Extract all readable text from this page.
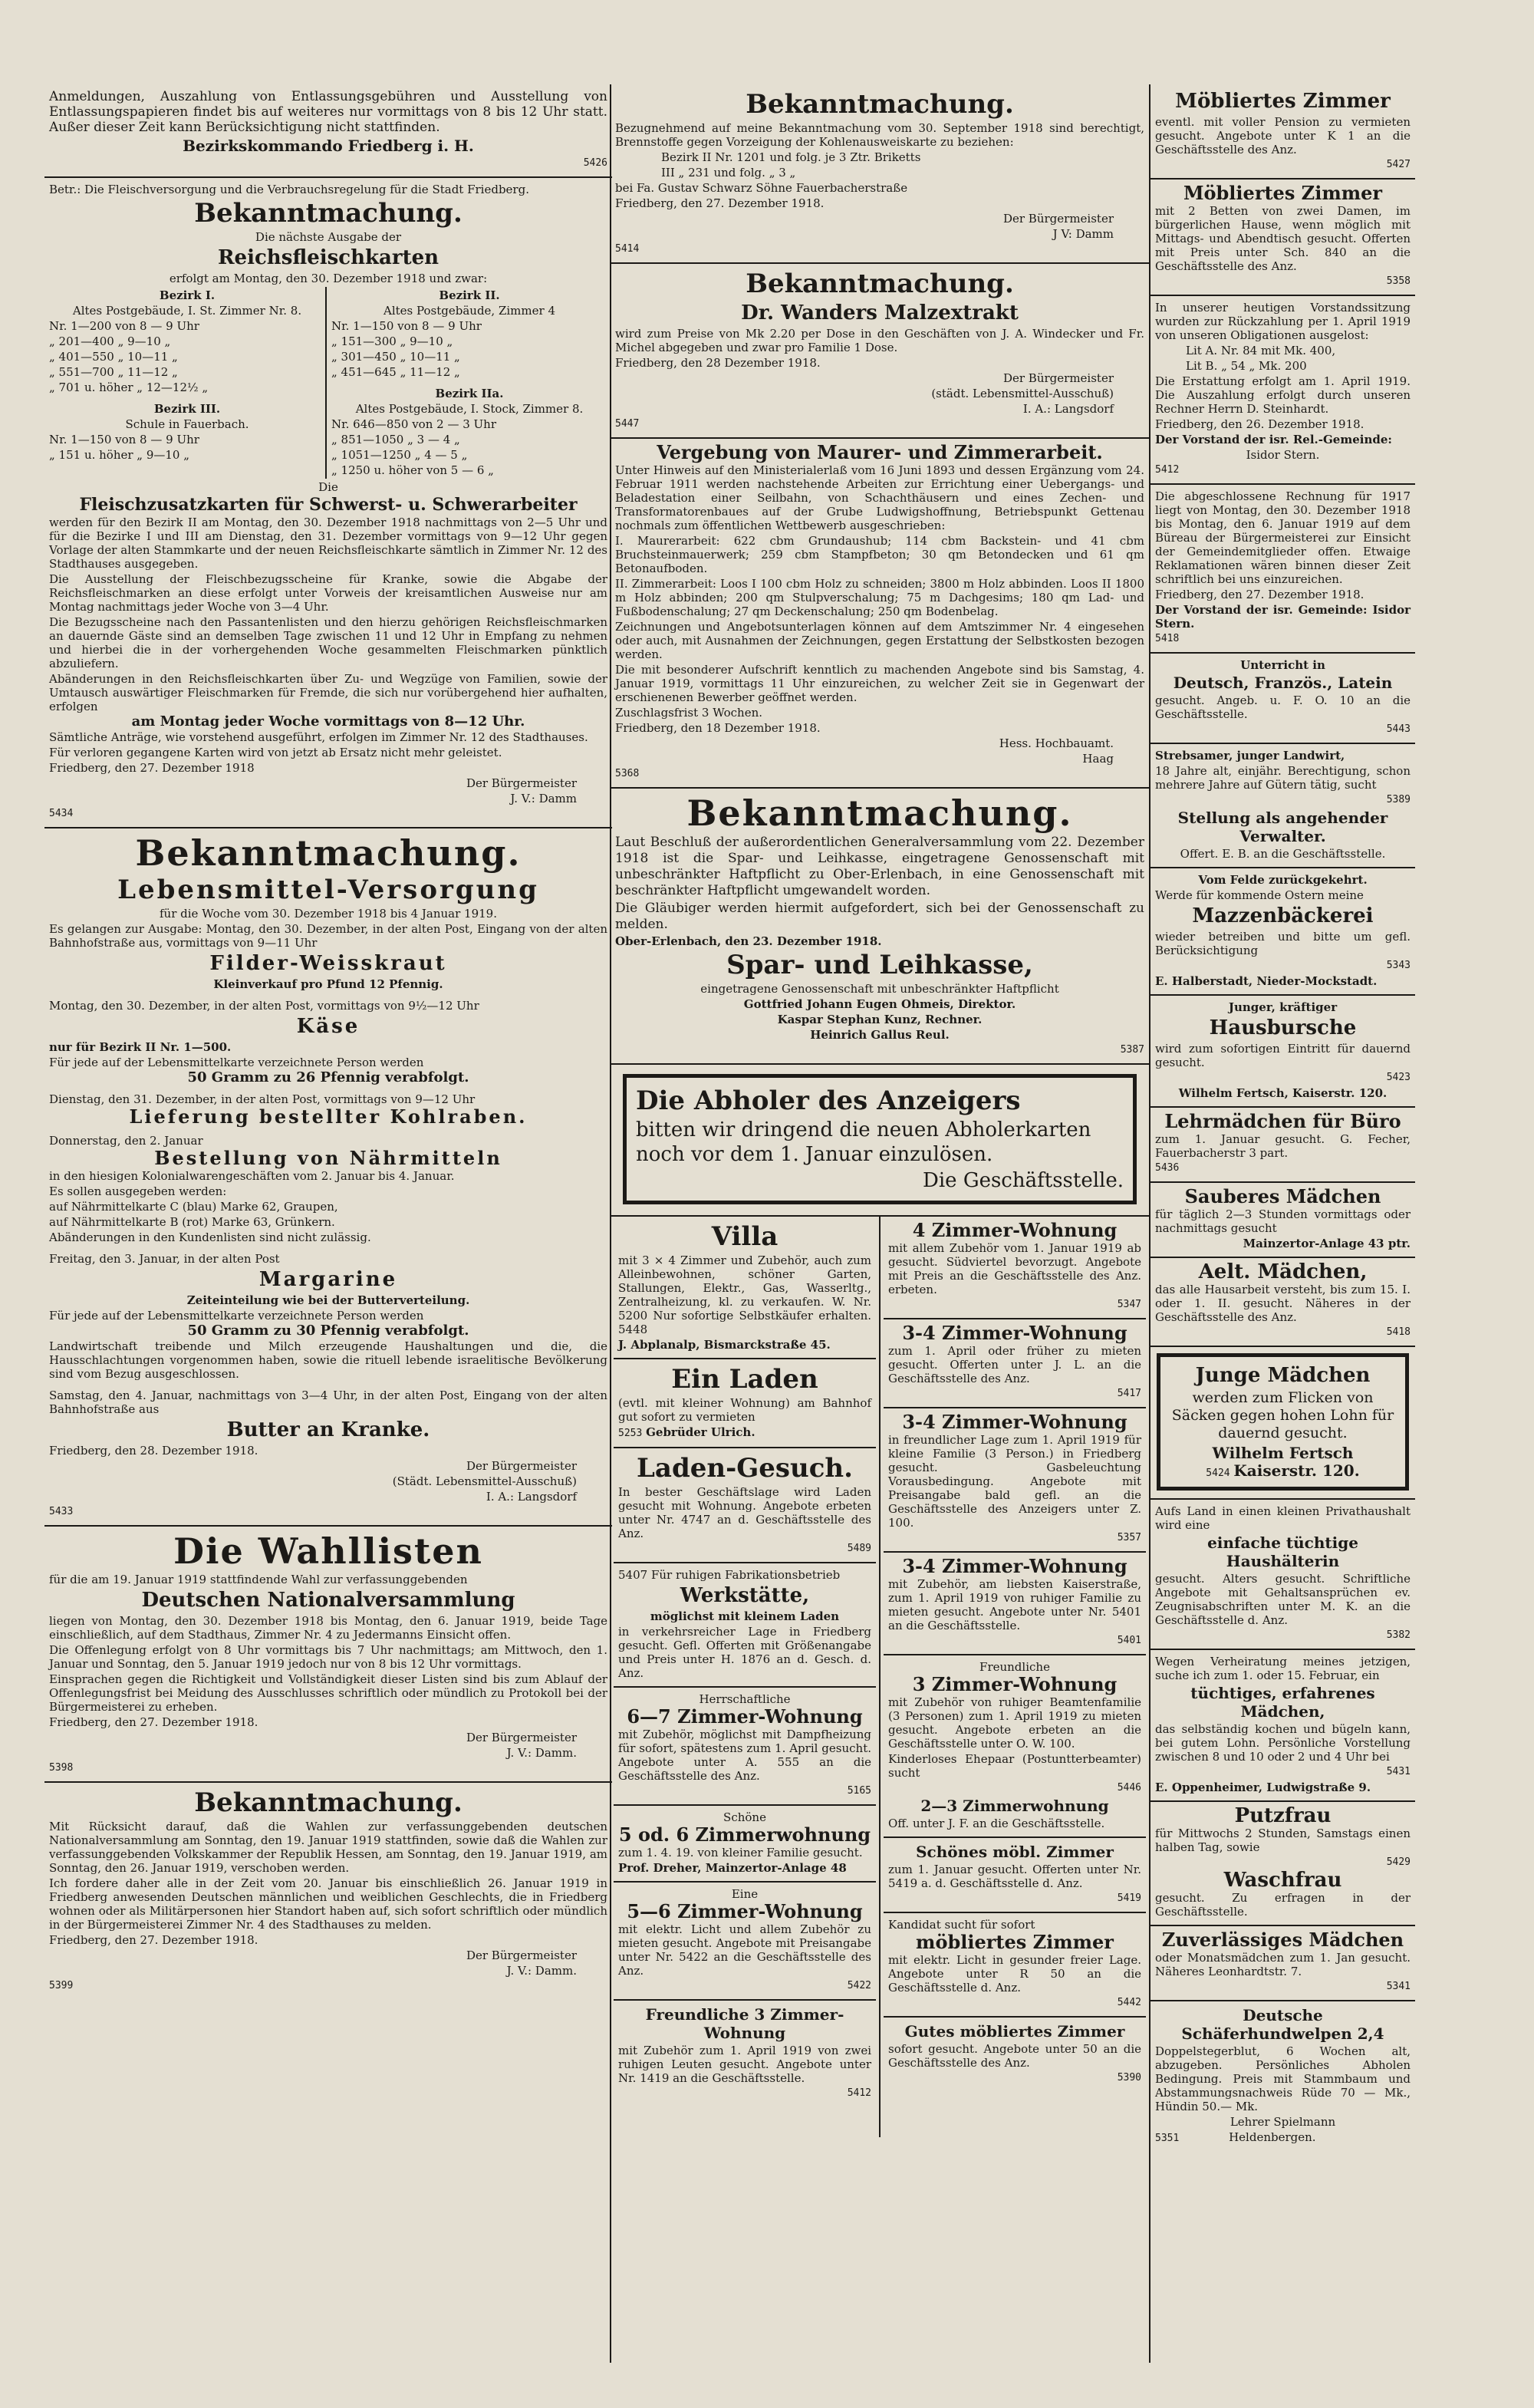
Anmeldungen, Auszahlung von Entlassungsgebühren und Ausstellung von Entlassungspapieren findet bis auf weiteres nur vormittags von 8 bis 12 Uhr statt. Außer dieser Zeit kann Berücksichtigung nicht stattfinden.

Bezirkskommando Friedberg i. H.

5426

Betr.: Die Fleischversorgung und die Verbrauchsregelung für die Stadt Friedberg.

Bekanntmachung.

Die nächste Ausgabe der

Reichsfleischkarten

erfolgt am Montag, den 30. Dezember 1918 und zwar:

Bezirk I.

Altes Postgebäude, I. St. Zimmer Nr. 8.

Nr. 1—200 von 8 — 9 Uhr

„ 201—400 „ 9—10 „

„ 401—550 „ 10—11 „

„ 551—700 „ 11—12 „

„ 701 u. höher „ 12—12½ „

Bezirk III.

Schule in Fauerbach.

Nr. 1—150 von 8 — 9 Uhr

„ 151 u. höher „ 9—10 „

Bezirk II.

Altes Postgebäude, Zimmer 4

Nr. 1—150 von 8 — 9 Uhr

„ 151—300 „ 9—10 „

„ 301—450 „ 10—11 „

„ 451—645 „ 11—12 „

Bezirk IIa.

Altes Postgebäude, I. Stock, Zimmer 8.

Nr. 646—850 von 2 — 3 Uhr

„ 851—1050 „ 3 — 4 „

„ 1051—1250 „ 4 — 5 „

„ 1250 u. höher von 5 — 6 „

Die

Fleischzusatzkarten für Schwerst- u. Schwerarbeiter

werden für den Bezirk II am Montag, den 30. Dezember 1918 nachmittags von 2—5 Uhr und für die Bezirke I und III am Dienstag, den 31. Dezember vormittags von 9—12 Uhr gegen Vorlage der alten Stammkarte und der neuen Reichsfleischkarte sämtlich in Zimmer Nr. 12 des Stadthauses ausgegeben.

Die Ausstellung der Fleischbezugsscheine für Kranke, sowie die Abgabe der Reichsfleischmarken an diese erfolgt unter Vorweis der kreisamtlichen Ausweise nur am Montag nachmittags jeder Woche von 3—4 Uhr.

Die Bezugsscheine nach den Passantenlisten und den hierzu gehörigen Reichsfleischmarken an dauernde Gäste sind an demselben Tage zwischen 11 und 12 Uhr in Empfang zu nehmen und hierbei die in der vorhergehenden Woche gesammelten Fleischmarken pünktlich abzuliefern.

Abänderungen in den Reichsfleischkarten über Zu- und Wegzüge von Familien, sowie der Umtausch auswärtiger Fleischmarken für Fremde, die sich nur vorübergehend hier aufhalten, erfolgen

am Montag jeder Woche vormittags von 8—12 Uhr.

Sämtliche Anträge, wie vorstehend ausgeführt, erfolgen im Zimmer Nr. 12 des Stadthauses.

Für verloren gegangene Karten wird von jetzt ab Ersatz nicht mehr geleistet.

Friedberg, den 27. Dezember 1918

Der Bürgermeister

J. V.: Damm

5434

Bekanntmachung.

Lebensmittel-Versorgung

für die Woche vom 30. Dezember 1918 bis 4 Januar 1919.

Es gelangen zur Ausgabe: Montag, den 30. Dezember, in der alten Post, Eingang von der alten Bahnhofstraße aus, vormittags von 9—11 Uhr

Filder-Weisskraut

Kleinverkauf pro Pfund 12 Pfennig.

Montag, den 30. Dezember, in der alten Post, vormittags von 9½—12 Uhr

Käse

nur für Bezirk II Nr. 1—500.

Für jede auf der Lebensmittelkarte verzeichnete Person werden

50 Gramm zu 26 Pfennig verabfolgt.

Dienstag, den 31. Dezember, in der alten Post, vormittags von 9—12 Uhr

Lieferung bestellter Kohlraben.

Donnerstag, den 2. Januar

Bestellung von Nährmitteln

in den hiesigen Kolonialwarengeschäften vom 2. Januar bis 4. Januar.

Es sollen ausgegeben werden:

auf Nährmittelkarte C (blau) Marke 62, Graupen,

auf Nährmittelkarte B (rot) Marke 63, Grünkern.

Abänderungen in den Kundenlisten sind nicht zulässig.

Freitag, den 3. Januar, in der alten Post

Margarine

Zeiteinteilung wie bei der Butterverteilung.

Für jede auf der Lebensmittelkarte verzeichnete Person werden

50 Gramm zu 30 Pfennig verabfolgt.

Landwirtschaft treibende und Milch erzeugende Haushaltungen und die, die Hausschlachtungen vorgenommen haben, sowie die rituell lebende israelitische Bevölkerung sind vom Bezug ausgeschlossen.

Samstag, den 4. Januar, nachmittags von 3—4 Uhr, in der alten Post, Eingang von der alten Bahnhofstraße aus

Butter an Kranke.

Friedberg, den 28. Dezember 1918.

Der Bürgermeister

(Städt. Lebensmittel-Ausschuß)

I. A.: Langsdorf

5433

Die Wahllisten

für die am 19. Januar 1919 stattfindende Wahl zur verfassunggebenden

Deutschen Nationalversammlung

liegen von Montag, den 30. Dezember 1918 bis Montag, den 6. Januar 1919, beide Tage einschließlich, auf dem Stadthaus, Zimmer Nr. 4 zu Jedermanns Einsicht offen.

Die Offenlegung erfolgt von 8 Uhr vormittags bis 7 Uhr nachmittags; am Mittwoch, den 1. Januar und Sonntag, den 5. Januar 1919 jedoch nur von 8 bis 12 Uhr vormittags.

Einsprachen gegen die Richtigkeit und Vollständigkeit dieser Listen sind bis zum Ablauf der Offenlegungsfrist bei Meidung des Ausschlusses schriftlich oder mündlich zu Protokoll bei der Bürgermeisterei zu erheben.

Friedberg, den 27. Dezember 1918.

Der Bürgermeister

J. V.: Damm.

5398

Bekanntmachung.

Mit Rücksicht darauf, daß die Wahlen zur verfassunggebenden deutschen Nationalversammlung am Sonntag, den 19. Januar 1919 stattfinden, sowie daß die Wahlen zur verfassunggebenden Volkskammer der Republik Hessen, am Sonntag, den 19. Januar 1919, am Sonntag, den 26. Januar 1919, verschoben werden.

Ich fordere daher alle in der Zeit vom 20. Januar bis einschließlich 26. Januar 1919 in Friedberg anwesenden Deutschen männlichen und weiblichen Geschlechts, die in Friedberg wohnen oder als Militärpersonen hier Standort haben auf, sich sofort schriftlich oder mündlich in der Bürgermeisterei Zimmer Nr. 4 des Stadthauses zu melden.

Friedberg, den 27. Dezember 1918.

Der Bürgermeister

J. V.: Damm.

5399

Bekanntmachung.

Bezugnehmend auf meine Bekanntmachung vom 30. September 1918 sind berechtigt, Brennstoffe gegen Vorzeigung der Kohlenausweiskarte zu beziehen:

Bezirk II Nr. 1201 und folg. je 3 Ztr. Briketts

III „ 231 und folg. „ 3 „

bei Fa. Gustav Schwarz Söhne Fauerbacherstraße

Friedberg, den 27. Dezember 1918.

Der Bürgermeister

J V: Damm

5414

Bekanntmachung.

Dr. Wanders Malzextrakt

wird zum Preise von Mk 2.20 per Dose in den Geschäften von J. A. Windecker und Fr. Michel abgegeben und zwar pro Familie 1 Dose.

Friedberg, den 28 Dezember 1918.

Der Bürgermeister

(städt. Lebensmittel-Ausschuß)

I. A.: Langsdorf

5447

Vergebung von Maurer- und Zimmerarbeit.

Unter Hinweis auf den Ministerialerlaß vom 16 Juni 1893 und dessen Ergänzung vom 24. Februar 1911 werden nachstehende Arbeiten zur Errichtung einer Uebergangs- und Beladestation einer Seilbahn, von Schachthäusern und eines Zechen- und Transformatorenbaues auf der Grube Ludwigshoffnung, Betriebspunkt Gettenau nochmals zum öffentlichen Wettbewerb ausgeschrieben:

I. Maurerarbeit: 622 cbm Grundaushub; 114 cbm Backstein- und 41 cbm Bruchsteinmauerwerk; 259 cbm Stampfbeton; 30 qm Betondecken und 61 qm Betonaufboden.

II. Zimmerarbeit: Loos I 100 cbm Holz zu schneiden; 3800 m Holz abbinden. Loos II 1800 m Holz abbinden; 200 qm Stulpverschalung; 75 m Dachgesims; 180 qm Lad- und Fußbodenschalung; 27 qm Deckenschalung; 250 qm Bodenbelag.

Zeichnungen und Angebotsunterlagen können auf dem Amtszimmer Nr. 4 eingesehen oder auch, mit Ausnahmen der Zeichnungen, gegen Erstattung der Selbstkosten bezogen werden.

Die mit besonderer Aufschrift kenntlich zu machenden Angebote sind bis Samstag, 4. Januar 1919, vormittags 11 Uhr einzureichen, zu welcher Zeit sie in Gegenwart der erschienenen Bewerber geöffnet werden.

Zuschlagsfrist 3 Wochen.

Friedberg, den 18 Dezember 1918.

Hess. Hochbauamt.

Haag

5368

Bekanntmachung.

Laut Beschluß der außerordentlichen Generalversammlung vom 22. Dezember 1918 ist die Spar- und Leihkasse, eingetragene Genossenschaft mit unbeschränkter Haftpflicht zu Ober-Erlenbach, in eine Genossenschaft mit beschränkter Haftpflicht umgewandelt worden.

Die Gläubiger werden hiermit aufgefordert, sich bei der Genossenschaft zu melden.

Ober-Erlenbach, den 23. Dezember 1918.

Spar- und Leihkasse,

eingetragene Genossenschaft mit unbeschränkter Haftpflicht

Gottfried Johann Eugen Ohmeis, Direktor.

Kaspar Stephan Kunz, Rechner.

Heinrich Gallus Reul.

5387

Die Abholer des Anzeigers

bitten wir dringend die neuen Abholerkarten noch vor dem 1. Januar einzulösen.

Die Geschäftsstelle.

Villa

mit 3 × 4 Zimmer und Zubehör, auch zum Alleinbewohnen, schöner Garten, Stallungen, Elektr., Gas, Wasserltg., Zentralheizung, kl. zu verkaufen. W. Nr. 5200 Nur sofortige Selbstkäufer erhalten. 5448

J. Abplanalp, Bismarckstraße 45.

Ein Laden

(evtl. mit kleiner Wohnung) am Bahnhof gut sofort zu vermieten

5253 Gebrüder Ulrich.

Laden-Gesuch.

In bester Geschäftslage wird Laden gesucht mit Wohnung. Angebote erbeten unter Nr. 4747 an d. Geschäftsstelle des Anz.

5489

5407 Für ruhigen Fabrikationsbetrieb

Werkstätte,

möglichst mit kleinem Laden

in verkehrsreicher Lage in Friedberg gesucht. Gefl. Offerten mit Größenangabe und Preis unter H. 1876 an d. Gesch. d. Anz.

Herrschaftliche

6—7 Zimmer-Wohnung

mit Zubehör, möglichst mit Dampfheizung für sofort, spätestens zum 1. April gesucht. Angebote unter A. 555 an die Geschäftsstelle des Anz.

5165

Schöne

5 od. 6 Zimmerwohnung

zum 1. 4. 19. von kleiner Familie gesucht.

Prof. Dreher, Mainzertor-Anlage 48

Eine

5—6 Zimmer-Wohnung

mit elektr. Licht und allem Zubehör zu mieten gesucht. Angebote mit Preisangabe unter Nr. 5422 an die Geschäftsstelle des Anz.

5422

Freundliche 3 Zimmer-Wohnung

mit Zubehör zum 1. April 1919 von zwei ruhigen Leuten gesucht. Angebote unter Nr. 1419 an die Geschäftsstelle.

5412

4 Zimmer-Wohnung

mit allem Zubehör vom 1. Januar 1919 ab gesucht. Südviertel bevorzugt. Angebote mit Preis an die Geschäftsstelle des Anz. erbeten.

5347

3-4 Zimmer-Wohnung

zum 1. April oder früher zu mieten gesucht. Offerten unter J. L. an die Geschäftsstelle des Anz.

5417

3-4 Zimmer-Wohnung

in freundlicher Lage zum 1. April 1919 für kleine Familie (3 Person.) in Friedberg gesucht. Gasbeleuchtung Vorausbedingung. Angebote mit Preisangabe bald gefl. an die Geschäftsstelle des Anzeigers unter Z. 100.

5357

3-4 Zimmer-Wohnung

mit Zubehör, am liebsten Kaiserstraße, zum 1. April 1919 von ruhiger Familie zu mieten gesucht. Angebote unter Nr. 5401 an die Geschäftsstelle.

5401

Freundliche

3 Zimmer-Wohnung

mit Zubehör von ruhiger Beamtenfamilie (3 Personen) zum 1. April 1919 zu mieten gesucht. Angebote erbeten an die Geschäftsstelle unter O. W. 100.

Kinderloses Ehepaar (Postuntterbeamter) sucht

5446

2—3 Zimmerwohnung

Off. unter J. F. an die Geschäftsstelle.

Schönes möbl. Zimmer

zum 1. Januar gesucht. Offerten unter Nr. 5419 a. d. Geschäftsstelle d. Anz.

5419

Kandidat sucht für sofort

möbliertes Zimmer

mit elektr. Licht in gesunder freier Lage. Angebote unter R 50 an die Geschäftsstelle d. Anz.

5442

Gutes möbliertes Zimmer

sofort gesucht. Angebote unter 50 an die Geschäftsstelle des Anz.

5390

Möbliertes Zimmer

eventl. mit voller Pension zu vermieten gesucht. Angebote unter K 1 an die Geschäftsstelle des Anz.

5427

Möbliertes Zimmer

mit 2 Betten von zwei Damen, im bürgerlichen Hause, wenn möglich mit Mittags- und Abendtisch gesucht. Offerten mit Preis unter Sch. 840 an die Geschäftsstelle des Anz.

5358

In unserer heutigen Vorstandssitzung wurden zur Rückzahlung per 1. April 1919 von unseren Obligationen ausgelost:

Lit A. Nr. 84 mit Mk. 400,

Lit B. „ 54 „ Mk. 200

Die Erstattung erfolgt am 1. April 1919. Die Auszahlung erfolgt durch unseren Rechner Herrn D. Steinhardt.

Friedberg, den 26. Dezember 1918.

Der Vorstand der isr. Rel.-Gemeinde:

Isidor Stern.

5412

Die abgeschlossene Rechnung für 1917 liegt von Montag, den 30. Dezember 1918 bis Montag, den 6. Januar 1919 auf dem Büreau der Bürgermeisterei zur Einsicht der Gemeindemitglieder offen. Etwaige Reklamationen wären binnen dieser Zeit schriftlich bei uns einzureichen.

Friedberg, den 27. Dezember 1918.

Der Vorstand der isr. Gemeinde: Isidor Stern.

5418

Unterricht in

Deutsch, Französ., Latein

gesucht. Angeb. u. F. O. 10 an die Geschäftsstelle.

5443

Strebsamer, junger Landwirt,

18 Jahre alt, einjähr. Berechtigung, schon mehrere Jahre auf Gütern tätig, sucht

5389

Stellung als angehender Verwalter.

Offert. E. B. an die Geschäftsstelle.

Vom Felde zurückgekehrt.

Werde für kommende Ostern meine

Mazzenbäckerei

wieder betreiben und bitte um gefl. Berücksichtigung

5343

E. Halberstadt, Nieder-Mockstadt.

Junger, kräftiger

Hausbursche

wird zum sofortigen Eintritt für dauernd gesucht.

5423

Wilhelm Fertsch, Kaiserstr. 120.

Lehrmädchen für Büro

zum 1. Januar gesucht. G. Fecher, Fauerbacherstr 3 part.

5436

Sauberes Mädchen

für täglich 2—3 Stunden vormittags oder nachmittags gesucht

Mainzertor-Anlage 43 ptr.

Aelt. Mädchen,

das alle Hausarbeit versteht, bis zum 15. I. oder 1. II. gesucht. Näheres in der Geschäftsstelle des Anz.

5418

Junge Mädchen

werden zum Flicken von Säcken gegen hohen Lohn für dauernd gesucht.

Wilhelm Fertsch

5424 Kaiserstr. 120.

Aufs Land in einen kleinen Privathaushalt wird eine

einfache tüchtige Haushälterin

gesucht. Alters gesucht. Schriftliche Angebote mit Gehaltsansprüchen ev. Zeugnisabschriften unter M. K. an die Geschäftsstelle d. Anz.

5382

Wegen Verheiratung meines jetzigen, suche ich zum 1. oder 15. Februar, ein

tüchtiges, erfahrenes Mädchen,

das selbständig kochen und bügeln kann, bei gutem Lohn. Persönliche Vorstellung zwischen 8 und 10 oder 2 und 4 Uhr bei

5431

E. Oppenheimer, Ludwigstraße 9.

Putzfrau

für Mittwochs 2 Stunden, Samstags einen halben Tag, sowie

5429

Waschfrau

gesucht. Zu erfragen in der Geschäftsstelle.

Zuverlässiges Mädchen

oder Monatsmädchen zum 1. Jan gesucht. Näheres Leonhardtstr. 7.

5341

Deutsche Schäferhundwelpen 2,4

Doppelstegerblut, 6 Wochen alt, abzugeben. Persönliches Abholen Bedingung. Preis mit Stammbaum und Abstammungsnachweis Rüde 70 — Mk., Hündin 50.— Mk.

Lehrer Spielmann

5351	Heldenbergen.
